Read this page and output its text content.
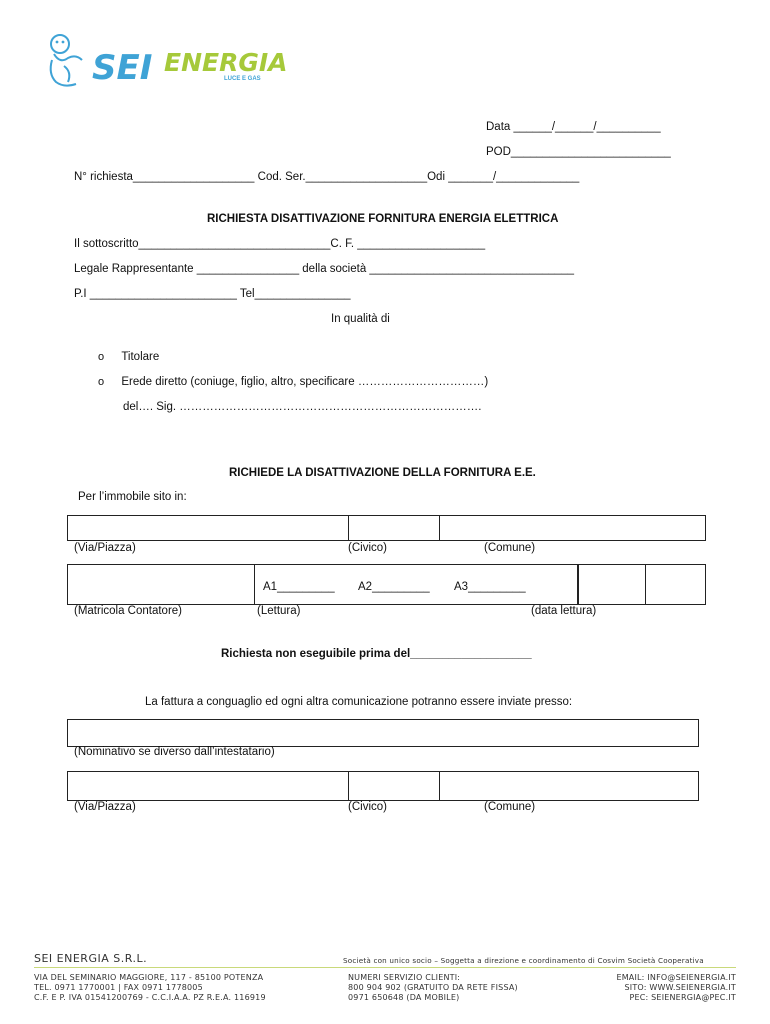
SEI ENERGIA
LUCE E GAS
Data ______/______/__________
POD_________________________
N° richiesta___________________ Cod. Ser.___________________Odi _______/_____________
RICHIESTA DISATTIVAZIONE FORNITURA ENERGIA ELETTRICA
Il sottoscritto______________________________C. F. ____________________
Legale Rappresentante ________________ della società ________________________________
P.I _______________________ Tel_______________
In qualità di
o Titolare
o Erede diretto (coniuge, figlio, altro, specificare ……………………………)
del…. Sig. …………………………………………………………………….
RICHIEDE LA DISATTIVAZIONE DELLA FORNITURA E.E.
Per l’immobile sito in:
(Via/Piazza)	(Civico)	(Comune)
A1_________ A2_________ A3_________
(Matricola Contatore)	(Lettura)	(data lettura)
Richiesta non eseguibile prima del___________________
La fattura a conguaglio ed ogni altra comunicazione potranno essere inviate presso:
(Nominativo se diverso dall’intestatario)
(Via/Piazza)	(Civico)	(Comune)
SEI ENERGIA S.R.L.	Società con unico socio – Soggetta a direzione e coordinamento di Cosvim Società Cooperativa
VIA DEL SEMINARIO MAGGIORE, 117 - 85100 POTENZA
TEL. 0971 1770001 | FAX 0971 1778005
C.F. E P. IVA 01541200769 - C.C.I.A.A. PZ R.E.A. 116919
NUMERI SERVIZIO CLIENTI:
800 904 902 (GRATUITO DA RETE FISSA)
0971 650648 (DA MOBILE)
EMAIL: INFO@SEIENERGIA.IT
SITO: WWW.SEIENERGIA.IT
PEC: SEIENERGIA@PEC.IT
